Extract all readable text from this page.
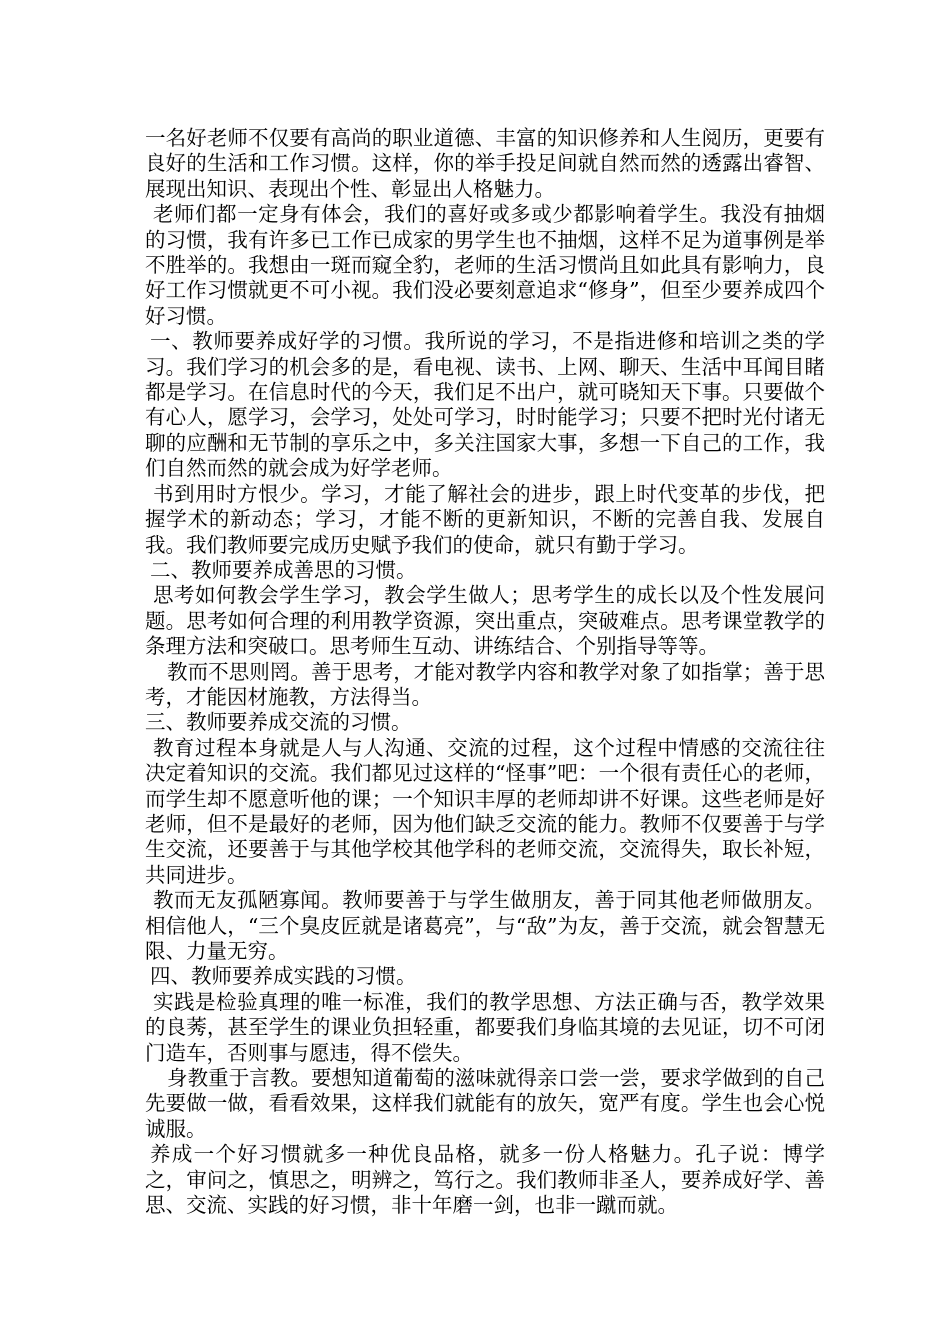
一名好老师不仅要有高尚的职业道德、丰富的知识修养和人生阅历，更要有良好的生活和工作习惯。这样，你的举手投足间就自然而然的透露出睿智、展现出知识、表现出个性、彰显出人格魅力。

老师们都一定身有体会，我们的喜好或多或少都影响着学生。我没有抽烟的习惯，我有许多已工作已成家的男学生也不抽烟，这样不足为道事例是举不胜举的。我想由一斑而窥全豹，老师的生活习惯尚且如此具有影响力，良好工作习惯就更不可小视。我们没必要刻意追求“修身”，但至少要养成四个好习惯。

一、教师要养成好学的习惯。我所说的学习，不是指进修和培训之类的学习。我们学习的机会多的是，看电视、读书、上网、聊天、生活中耳闻目睹都是学习。在信息时代的今天，我们足不出户，就可晓知天下事。只要做个有心人，愿学习，会学习，处处可学习，时时能学习；只要不把时光付诸无聊的应酬和无节制的享乐之中，多关注国家大事，多想一下自己的工作，我们自然而然的就会成为好学老师。

书到用时方恨少。学习，才能了解社会的进步，跟上时代变革的步伐，把握学术的新动态；学习，才能不断的更新知识，不断的完善自我、发展自我。我们教师要完成历史赋予我们的使命，就只有勤于学习。

二、教师要养成善思的习惯。

思考如何教会学生学习，教会学生做人；思考学生的成长以及个性发展问题。思考如何合理的利用教学资源，突出重点，突破难点。思考课堂教学的条理方法和突破口。思考师生互动、讲练结合、个别指导等等。

教而不思则罔。善于思考，才能对教学内容和教学对象了如指掌；善于思考，才能因材施教，方法得当。

三、教师要养成交流的习惯。

教育过程本身就是人与人沟通、交流的过程，这个过程中情感的交流往往决定着知识的交流。我们都见过这样的“怪事”吧：一个很有责任心的老师，而学生却不愿意听他的课；一个知识丰厚的老师却讲不好课。这些老师是好老师，但不是最好的老师，因为他们缺乏交流的能力。教师不仅要善于与学生交流，还要善于与其他学校其他学科的老师交流，交流得失，取长补短，共同进步。

教而无友孤陋寡闻。教师要善于与学生做朋友，善于同其他老师做朋友。相信他人，“三个臭皮匠就是诸葛亮”，与“敌”为友，善于交流，就会智慧无限、力量无穷。

四、教师要养成实践的习惯。

实践是检验真理的唯一标准，我们的教学思想、方法正确与否，教学效果的良莠，甚至学生的课业负担轻重，都要我们身临其境的去见证，切不可闭门造车，否则事与愿违，得不偿失。

身教重于言教。要想知道葡萄的滋味就得亲口尝一尝，要求学做到的自己先要做一做，看看效果，这样我们就能有的放矢，宽严有度。学生也会心悦诚服。

养成一个好习惯就多一种优良品格，就多一份人格魅力。孔子说：博学之，审问之，慎思之，明辨之，笃行之。我们教师非圣人，要养成好学、善思、交流、实践的好习惯，非十年磨一剑，也非一蹴而就。
